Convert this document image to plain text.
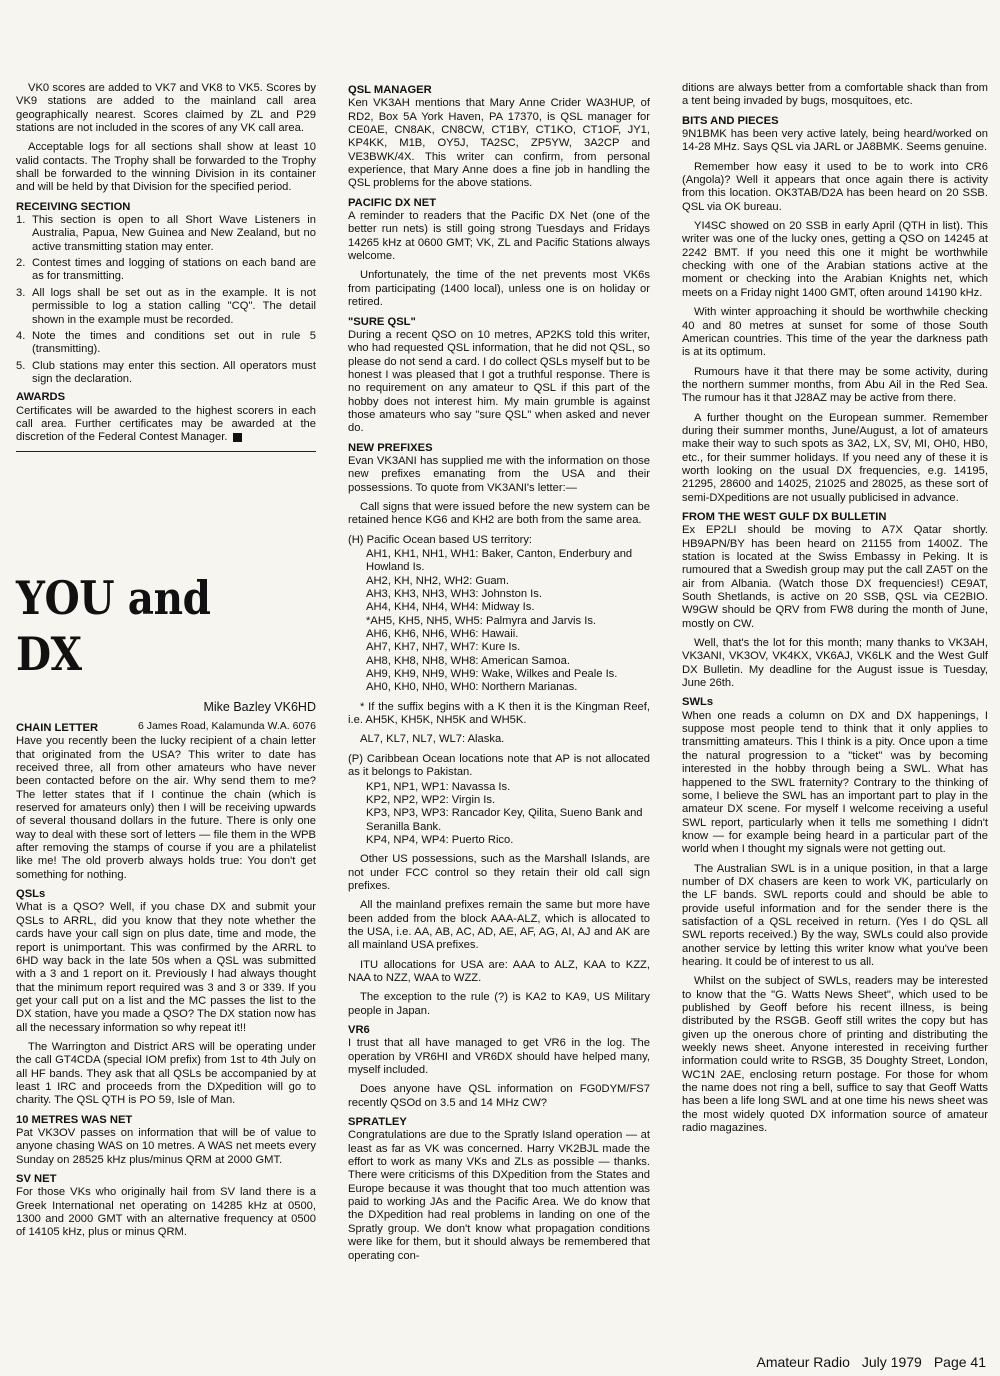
VK0 scores are added to VK7 and VK8 to VK5. Scores by VK9 stations are added to the mainland call area geographically nearest. Scores claimed by ZL and P29 stations are not included in the scores of any VK call area.

Acceptable logs for all sections shall show at least 10 valid contacts. The Trophy shall be forwarded to the Trophy shall be forwarded to the winning Division in its container and will be held by that Division for the specified period.

RECEIVING SECTION
1. This section is open to all Short Wave Listeners in Australia, Papua, New Guinea and New Zealand, but no active transmitting station may enter.
2. Contest times and logging of stations on each band are as for transmitting.
3. All logs shall be set out as in the example. It is not permissible to log a station calling "CQ". The detail shown in the example must be recorded.
4. Note the times and conditions set out in rule 5 (transmitting).
5. Club stations may enter this section. All operators must sign the declaration.
AWARDS

Certificates will be awarded to the highest scorers in each call area. Further certificates may be awarded at the discretion of the Federal Contest Manager.

YOU and DX
Mike Bazley VK6HD
6 James Road, Kalamunda W.A. 6076
CHAIN LETTER

Have you recently been the lucky recipient of a chain letter that originated from the USA? This writer to date has received three, all from other amateurs who have never been contacted before on the air. Why send them to me? The letter states that if I continue the chain (which is reserved for amateurs only) then I will be receiving upwards of several thousand dollars in the future. There is only one way to deal with these sort of letters — file them in the WPB after removing the stamps of course if you are a philatelist like me! The old proverb always holds true: You don't get something for nothing.

QSLs

What is a QSO? Well, if you chase DX and submit your QSLs to ARRL, did you know that they note whether the cards have your call sign on plus date, time and mode, the report is unimportant. This was confirmed by the ARRL to 6HD way back in the late 50s when a QSL was submitted with a 3 and 1 report on it. Previously I had always thought that the minimum report required was 3 and 3 or 339. If you get your call put on a list and the MC passes the list to the DX station, have you made a QSO? The DX station now has all the necessary information so why repeat it!!

The Warrington and District ARS will be operating under the call GT4CDA (special IOM prefix) from 1st to 4th July on all HF bands. They ask that all QSLs be accompanied by at least 1 IRC and proceeds from the DXpedition will go to charity. The QSL QTH is PO 59, Isle of Man.

10 METRES WAS NET

Pat VK3OV passes on information that will be of value to anyone chasing WAS on 10 metres. A WAS net meets every Sunday on 28525 kHz plus/minus QRM at 2000 GMT.

SV NET

For those VKs who originally hail from SV land there is a Greek International net operating on 14285 kHz at 0500, 1300 and 2000 GMT with an alternative frequency at 0500 of 14105 kHz, plus or minus QRM.

QSL MANAGER

Ken VK3AH mentions that Mary Anne Crider WA3HUP, of RD2, Box 5A York Haven, PA 17370, is QSL manager for CE0AE, CN8AK, CN8CW, CT1BY, CT1KO, CT1OF, JY1, KP4KK, M1B, OY5J, TA2SC, ZP5YW, 3A2CP and VE3BWK/4X. This writer can confirm, from personal experience, that Mary Anne does a fine job in handling the QSL problems for the above stations.

PACIFIC DX NET

A reminder to readers that the Pacific DX Net (one of the better run nets) is still going strong Tuesdays and Fridays 14265 kHz at 0600 GMT; VK, ZL and Pacific Stations always welcome.

Unfortunately, the time of the net prevents most VK6s from participating (1400 local), unless one is on holiday or retired.

"SURE QSL"

During a recent QSO on 10 metres, AP2KS told this writer, who had requested QSL information, that he did not QSL, so please do not send a card. I do collect QSLs myself but to be honest I was pleased that I got a truthful response. There is no requirement on any amateur to QSL if this part of the hobby does not interest him. My main grumble is against those amateurs who say "sure QSL" when asked and never do.

NEW PREFIXES

Evan VK3ANI has supplied me with the information on those new prefixes emanating from the USA and their possessions. To quote from VK3ANI's letter:—

Call signs that were issued before the new system can be retained hence KG6 and KH2 are both from the same area.

(H) Pacific Ocean based US territory:

AH1, KH1, NH1, WH1: Baker, Canton, Enderbury and Howland Is.
AH2, KH, NH2, WH2: Guam.
AH3, KH3, NH3, WH3: Johnston Is.
AH4, KH4, NH4, WH4: Midway Is.
*AH5, KH5, NH5, WH5: Palmyra and Jarvis Is.
AH6, KH6, NH6, WH6: Hawaii.
AH7, KH7, NH7, WH7: Kure Is.
AH8, KH8, NH8, WH8: American Samoa.
AH9, KH9, NH9, WH9: Wake, Wilkes and Peale Is.
AH0, KH0, NH0, WH0: Northern Marianas.

* If the suffix begins with a K then it is the Kingman Reef, i.e. AH5K, KH5K, NH5K and WH5K.

AL7, KL7, NL7, WL7: Alaska.

(P) Caribbean Ocean locations note that AP is not allocated as it belongs to Pakistan.

KP1, NP1, WP1: Navassa Is.
KP2, NP2, WP2: Virgin Is.
KP3, NP3, WP3: Rancador Key, Qilita, Sueno Bank and Seranilla Bank.
KP4, NP4, WP4: Puerto Rico.

Other US possessions, such as the Marshall Islands, are not under FCC control so they retain their old call sign prefixes.

All the mainland prefixes remain the same but more have been added from the block AAA-ALZ, which is allocated to the USA, i.e. AA, AB, AC, AD, AE, AF, AG, AI, AJ and AK are all mainland USA prefixes.

ITU allocations for USA are: AAA to ALZ, KAA to KZZ, NAA to NZZ, WAA to WZZ.

The exception to the rule (?) is KA2 to KA9, US Military people in Japan.

VR6

I trust that all have managed to get VR6 in the log. The operation by VR6HI and VR6DX should have helped many, myself included.

Does anyone have QSL information on FG0DYM/FS7 recently QSOd on 3.5 and 14 MHz CW?

SPRATLEY

Congratulations are due to the Spratly Island operation — at least as far as VK was concerned. Harry VK2BJL made the effort to work as many VKs and ZLs as possible — thanks. There were criticisms of this DXpedition from the States and Europe because it was thought that too much attention was paid to working JAs and the Pacific Area. We do know that the DXpedition had real problems in landing on one of the Spratly group. We don't know what propagation conditions were like for them, but it should always be remembered that operating con-

ditions are always better from a comfortable shack than from a tent being invaded by bugs, mosquitoes, etc.

BITS AND PIECES

9N1BMK has been very active lately, being heard/worked on 14-28 MHz. Says QSL via JARL or JA8BMK. Seems genuine.

Remember how easy it used to be to work into CR6 (Angola)? Well it appears that once again there is activity from this location. OK3TAB/D2A has been heard on 20 SSB. QSL via OK bureau.

YI4SC showed on 20 SSB in early April (QTH in list). This writer was one of the lucky ones, getting a QSO on 14245 at 2242 BMT. If you need this one it might be worthwhile checking with one of the Arabian stations active at the moment or checking into the Arabian Knights net, which meets on a Friday night 1400 GMT, often around 14190 kHz.

With winter approaching it should be worthwhile checking 40 and 80 metres at sunset for some of those South American countries. This time of the year the darkness path is at its optimum.

Rumours have it that there may be some activity, during the northern summer months, from Abu Ail in the Red Sea. The rumour has it that J28AZ may be active from there.

A further thought on the European summer. Remember during their summer months, June/August, a lot of amateurs make their way to such spots as 3A2, LX, SV, MI, OH0, HB0, etc., for their summer holidays. If you need any of these it is worth looking on the usual DX frequencies, e.g. 14195, 21295, 28600 and 14025, 21025 and 28025, as these sort of semi-DXpeditions are not usually publicised in advance.

FROM THE WEST GULF DX BULLETIN

Ex EP2LI should be moving to A7X Qatar shortly. HB9APN/BY has been heard on 21155 from 1400Z. The station is located at the Swiss Embassy in Peking. It is rumoured that a Swedish group may put the call ZA5T on the air from Albania. (Watch those DX frequencies!) CE9AT, South Shetlands, is active on 20 SSB, QSL via CE2BIO. W9GW should be QRV from FW8 during the month of June, mostly on CW.

Well, that's the lot for this month; many thanks to VK3AH, VK3ANI, VK3OV, VK4KX, VK6AJ, VK6LK and the West Gulf DX Bulletin. My deadline for the August issue is Tuesday, June 26th.

SWLs

When one reads a column on DX and DX happenings, I suppose most people tend to think that it only applies to transmitting amateurs. This I think is a pity. Once upon a time the natural progression to a "ticket" was by becoming interested in the hobby through being a SWL. What has happened to the SWL fraternity? Contrary to the thinking of some, I believe the SWL has an important part to play in the amateur DX scene. For myself I welcome receiving a useful SWL report, particularly when it tells me something I didn't know — for example being heard in a particular part of the world when I thought my signals were not getting out.

The Australian SWL is in a unique position, in that a large number of DX chasers are keen to work VK, particularly on the LF bands. SWL reports could and should be able to provide useful information and for the sender there is the satisfaction of a QSL received in return. (Yes I do QSL all SWL reports received.) By the way, SWLs could also provide another service by letting this writer know what you've been hearing. It could be of interest to us all.

Whilst on the subject of SWLs, readers may be interested to know that the "G. Watts News Sheet", which used to be published by Geoff before his recent illness, is being distributed by the RSGB. Geoff still writes the copy but has given up the onerous chore of printing and distributing the weekly news sheet. Anyone interested in receiving further information could write to RSGB, 35 Doughty Street, London, WC1N 2AE, enclosing return postage. For those for whom the name does not ring a bell, suffice to say that Geoff Watts has been a life long SWL and at one time his news sheet was the most widely quoted DX information source of amateur radio magazines.

Amateur Radio July 1979 Page 41
